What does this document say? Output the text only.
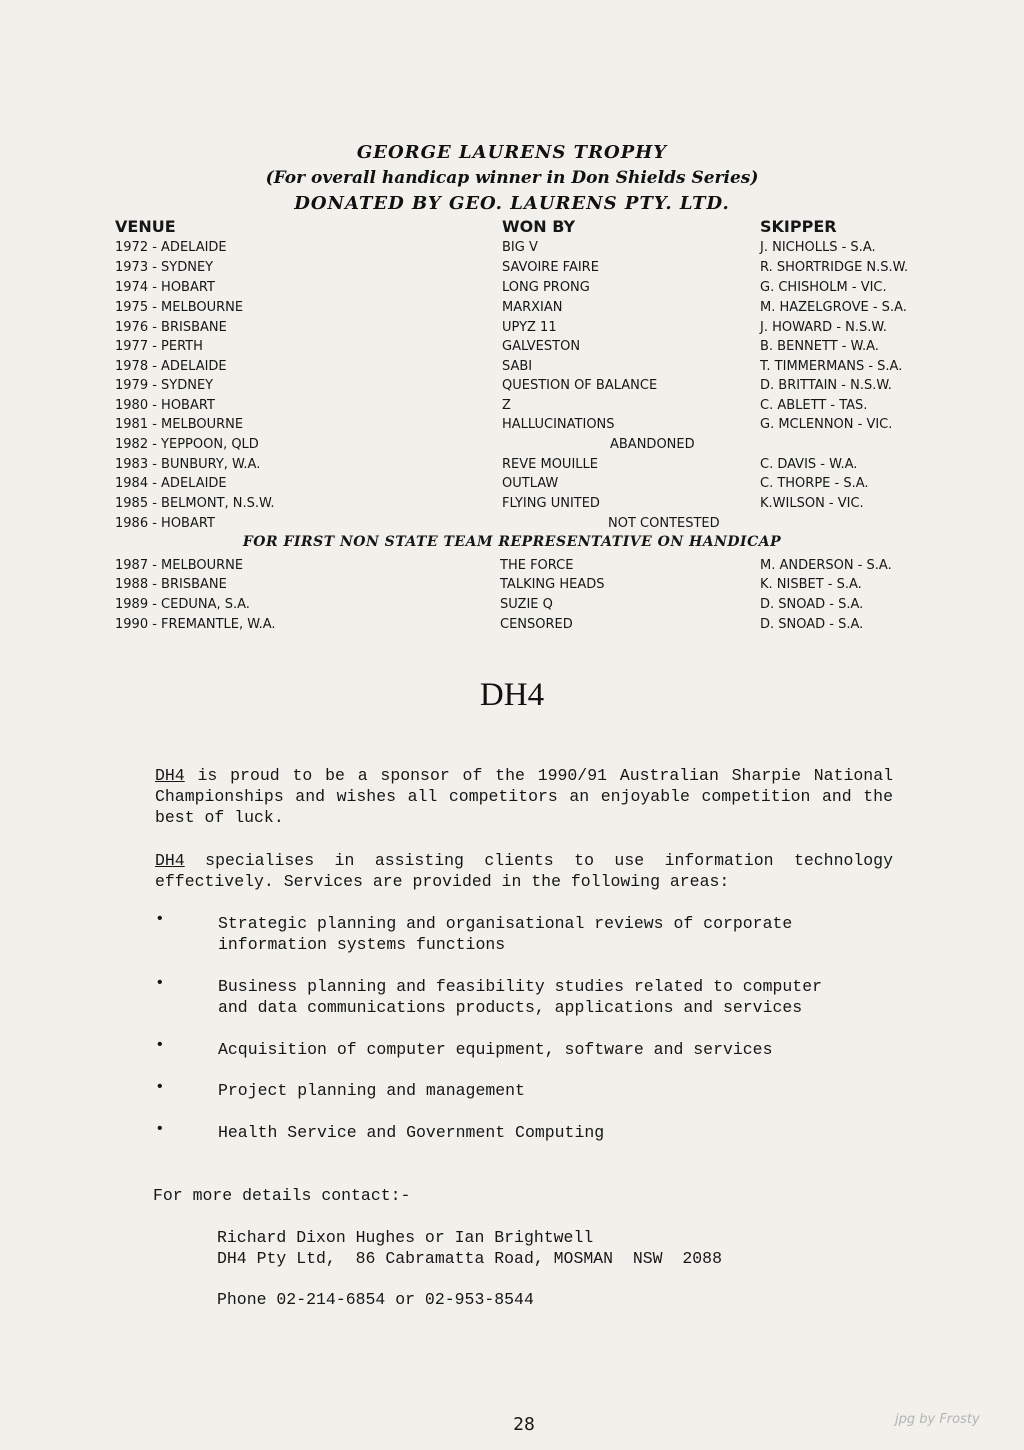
GEORGE LAURENS TROPHY
(For overall handicap winner in Don Shields Series)
DONATED BY GEO. LAURENS PTY. LTD.
VENUE	WON BY	SKIPPER
1972 - ADELAIDE	BIG V	J. NICHOLLS - S.A.
1973 - SYDNEY	SAVOIRE FAIRE	R. SHORTRIDGE N.S.W.
1974 - HOBART	LONG PRONG	G. CHISHOLM - VIC.
1975 - MELBOURNE	MARXIAN	M. HAZELGROVE - S.A.
1976 - BRISBANE	UPYZ 11	J. HOWARD - N.S.W.
1977 - PERTH	GALVESTON	B. BENNETT - W.A.
1978 - ADELAIDE	SABI	T. TIMMERMANS - S.A.
1979 - SYDNEY	QUESTION OF BALANCE	D. BRITTAIN - N.S.W.
1980 - HOBART	Z	C. ABLETT - TAS.
1981 - MELBOURNE	HALLUCINATIONS	G. MCLENNON - VIC.
1982 - YEPPOON, QLD	ABANDONED
1983 - BUNBURY, W.A.	REVE MOUILLE	C. DAVIS - W.A.
1984 - ADELAIDE	OUTLAW	C. THORPE - S.A.
1985 - BELMONT, N.S.W.	FLYING UNITED	K.WILSON - VIC.
1986 - HOBART	NOT CONTESTED
FOR FIRST NON STATE TEAM REPRESENTATIVE ON HANDICAP
1987 - MELBOURNE	THE FORCE	M. ANDERSON - S.A.
1988 - BRISBANE	TALKING HEADS	K. NISBET - S.A.
1989 - CEDUNA, S.A.	SUZIE Q	D. SNOAD - S.A.
1990 - FREMANTLE, W.A.	CENSORED	D. SNOAD - S.A.
DH4
DH4 is proud to be a sponsor of the 1990/91 Australian Sharpie National Championships and wishes all competitors an enjoyable competition and the best of luck.
DH4 specialises in assisting clients to use information technology effectively. Services are provided in the following areas:
•	Strategic planning and organisational reviews of corporate information systems functions
•	Business planning and feasibility studies related to computer and data communications products, applications and services
•	Acquisition of computer equipment, software and services
•	Project planning and management
•	Health Service and Government Computing
For more details contact:-
Richard Dixon Hughes or Ian Brightwell
DH4 Pty Ltd,  86 Cabramatta Road, MOSMAN  NSW  2088
Phone 02-214-6854 or 02-953-8544
28	jpg by Frosty
